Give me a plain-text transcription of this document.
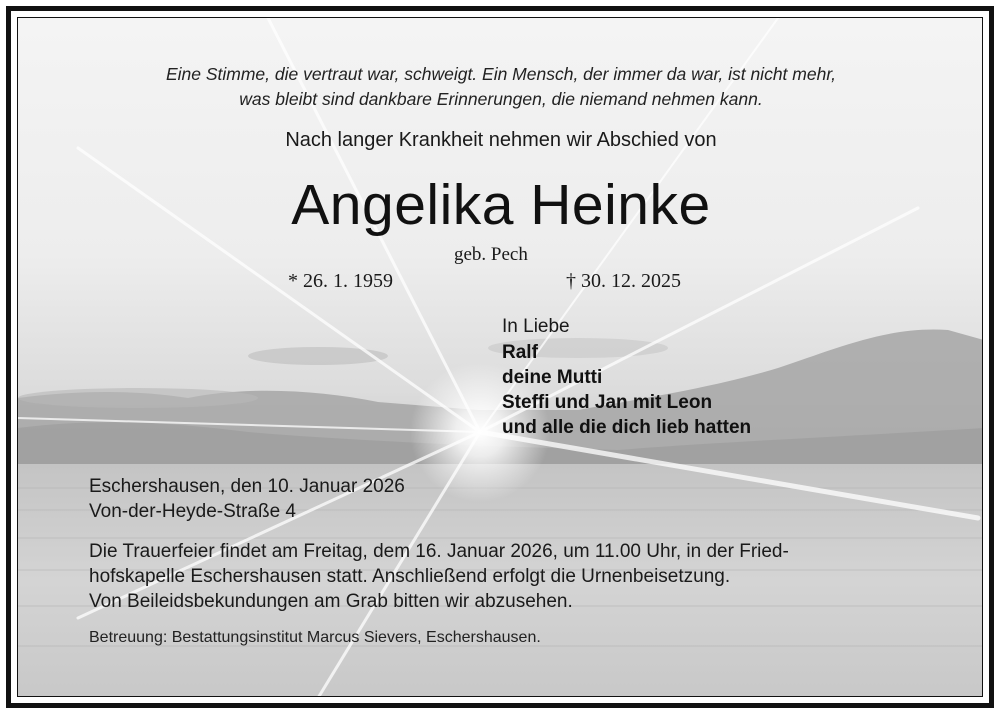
Eine Stimme, die vertraut war, schweigt. Ein Mensch, der immer da war, ist nicht mehr,
was bleibt sind dankbare Erinnerungen, die niemand nehmen kann.
Nach langer Krankheit nehmen wir Abschied von
Angelika Heinke
geb. Pech
* 26. 1. 1959	† 30. 12. 2025
In Liebe
Ralf
deine Mutti
Steffi und Jan mit Leon
und alle die dich lieb hatten
Eschershausen, den 10. Januar 2026
Von-der-Heyde-Straße 4
Die Trauerfeier findet am Freitag, dem 16. Januar 2026, um 11.00 Uhr, in der Fried-
hofskapelle Eschershausen statt. Anschließend erfolgt die Urnenbeisetzung.
Von Beileidsbekundungen am Grab bitten wir abzusehen.
Betreuung: Bestattungsinstitut Marcus Sievers, Eschershausen.
